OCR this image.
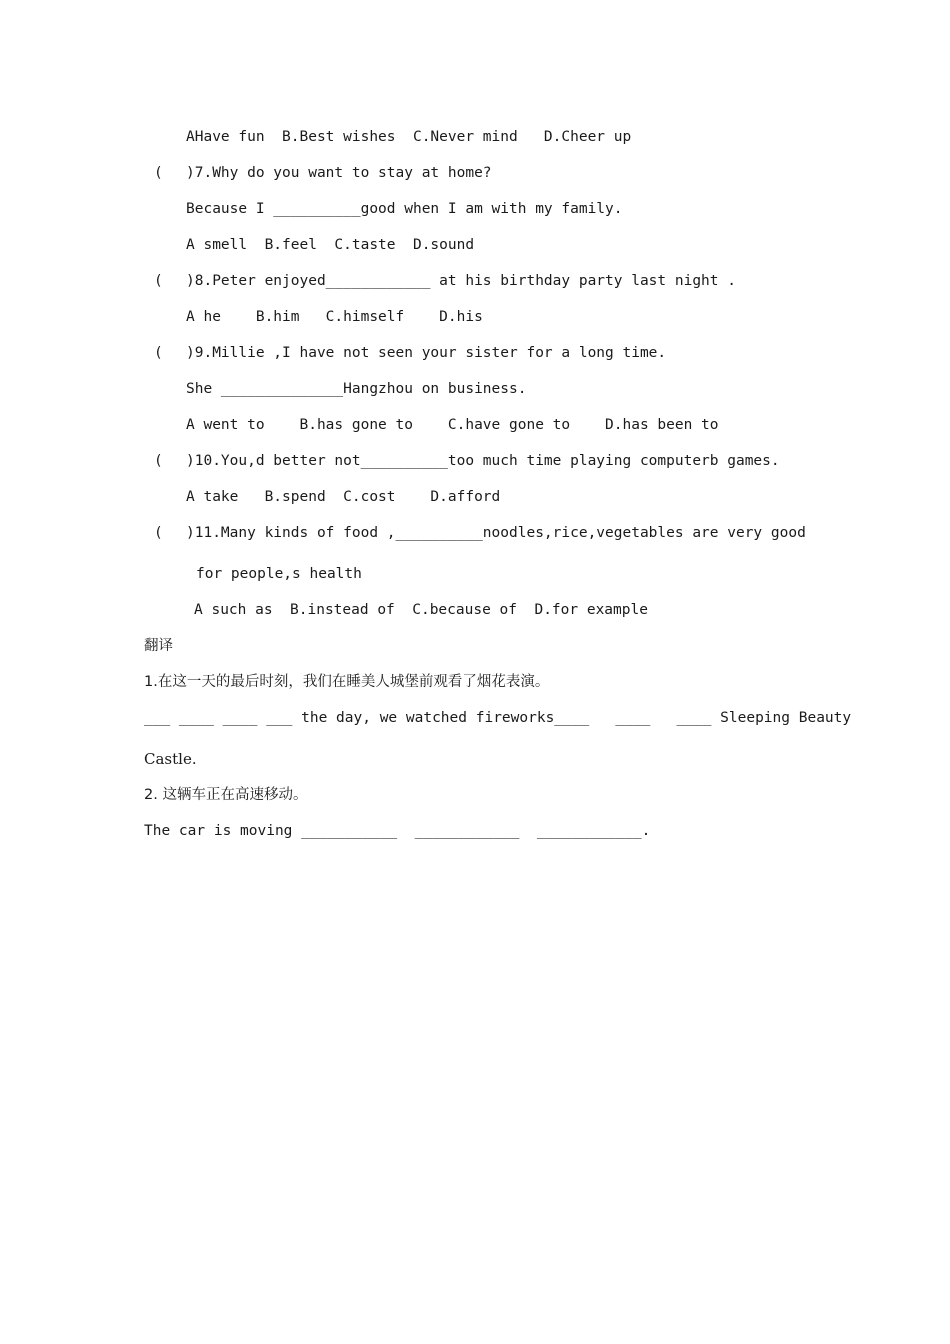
AHave fun  B.Best wishes  C.Never mind   D.Cheer up
( )7.Why do you want to stay at home?
Because I __________good when I am with my family.
A smell  B.feel  C.taste  D.sound
( )8.Peter enjoyed____________ at his birthday party last night .
A he    B.him   C.himself    D.his
( )9.Millie ,I have not seen your sister for a long time.
She ______________Hangzhou on business.
A went to    B.has gone to    C.have gone to    D.has been to
( )10.You,d better not__________too much time playing computerb games.
A take   B.spend  C.cost    D.afford
( )11.Many kinds of food ,__________noodles,rice,vegetables are very good
for people,s health
A such as  B.instead of  C.because of  D.for example
翻译
1.在这一天的最后时刻，我们在睡美人城堡前观看了烟花表演。
___ ____ ____ ___ the day, we watched fireworks____   ____   ____ Sleeping Beauty
Castle.
2. 这辆车正在高速移动。
The car is moving ___________  ____________  ____________.
